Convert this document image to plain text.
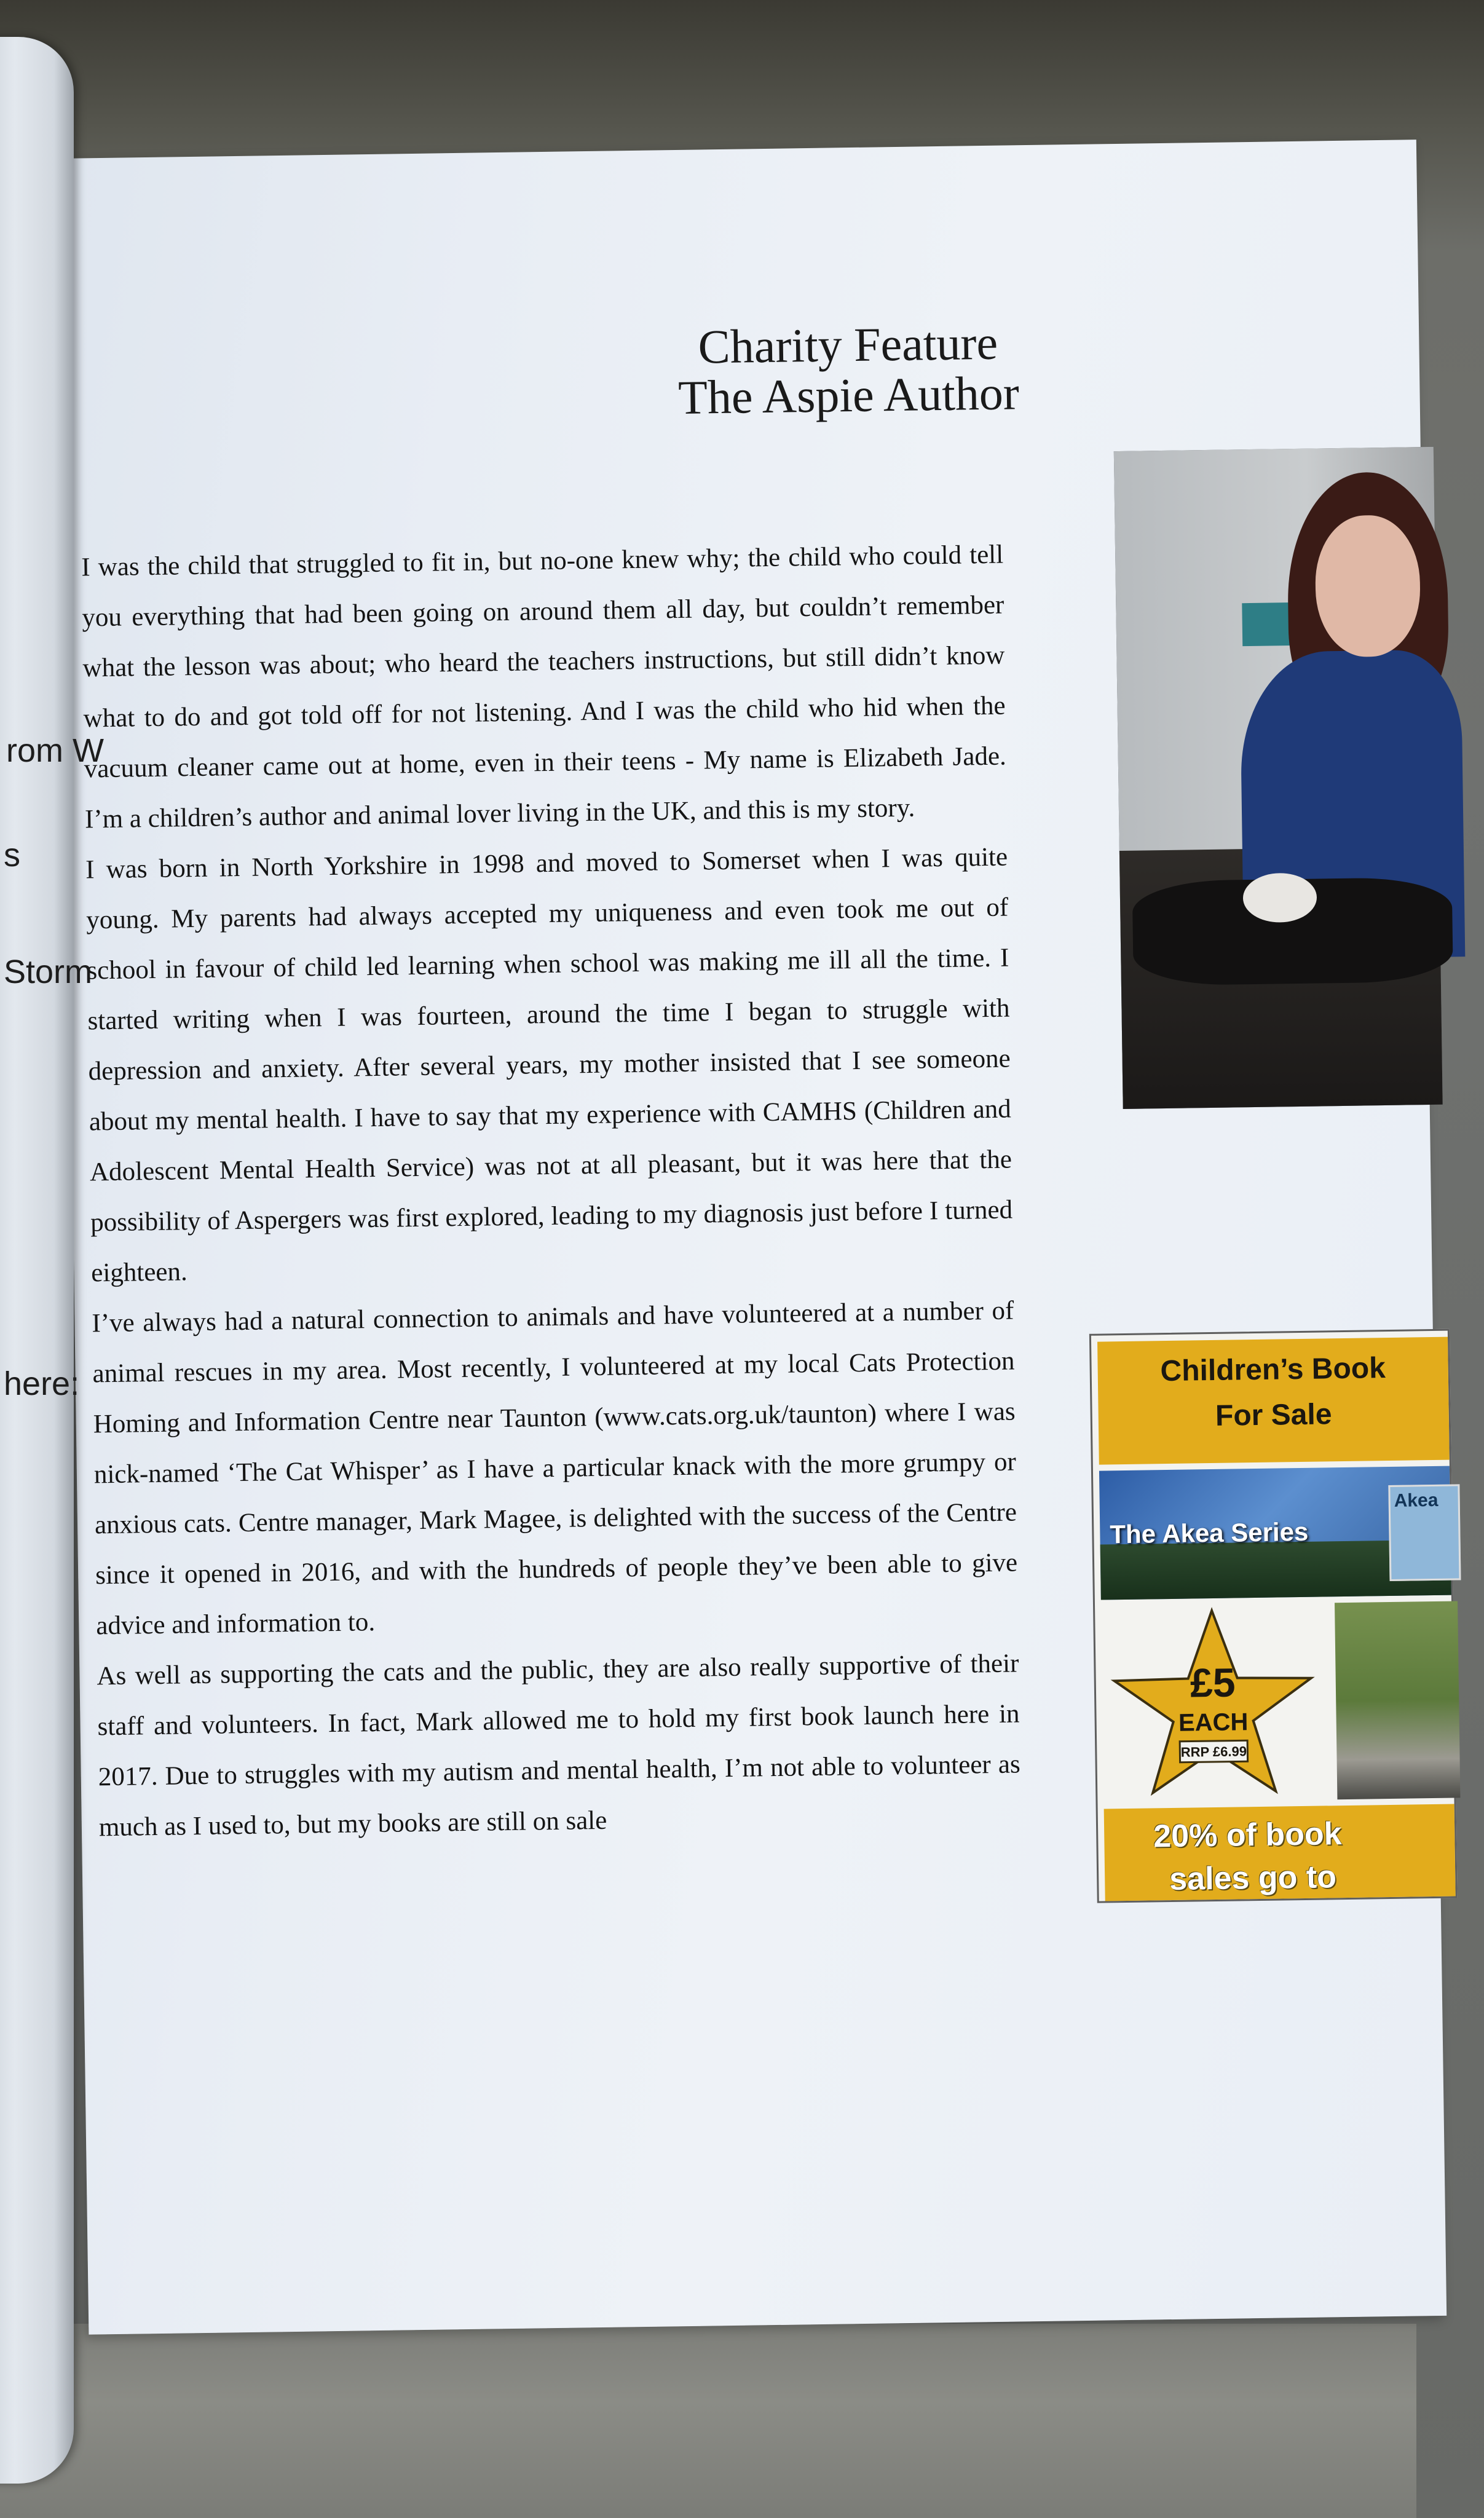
Charity Feature
The Aspie Author

I was the child that struggled to fit in, but no-one knew why; the child who could tell you everything that had been going on around them all day, but couldn’t remember what the lesson was about; who heard the teachers instructions, but still didn’t know what to do and got told off for not listening. And I was the child who hid when the vacuum cleaner came out at home, even in their teens - My name is Elizabeth Jade. I’m a children’s author and animal lover living in the UK, and this is my story.

I was born in North Yorkshire in 1998 and moved to Somerset when I was quite young. My parents had always accepted my uniqueness and even took me out of school in favour of child led learning when school was making me ill all the time. I started writing when I was fourteen, around the time I began to struggle with depression and anxiety. After several years, my mother insisted that I see someone about my mental health. I have to say that my experience with CAMHS (Children and Adolescent Mental Health Service) was not at all pleasant, but it was here that the possibility of Aspergers was first explored, leading to my diagnosis just before I turned eighteen.

I’ve always had a natural connection to animals and have volunteered at a number of animal rescues in my area. Most recently, I volunteered at my local Cats Protection Homing and Information Centre near Taunton (www.cats.org.uk/taunton) where I was nick-named ‘The Cat Whisper’ as I have a particular knack with the more grumpy or anxious cats. Centre manager, Mark Magee, is delighted with the success of the Centre since it opened in 2016, and with the hundreds of people they’ve been able to give advice and information to.

As well as supporting the cats and the public, they are also really supportive of their staff and volunteers. In fact, Mark allowed me to hold my first book launch here in 2017. Due to struggles with my autism and mental health, I’m not able to volunteer as much as I used to, but my books are still on sale

Children’s Book
For Sale
The Akea Series
Akea
£5
EACH
RRP £6.99
20% of book
sales go to
rom W
s
Storm
here:
